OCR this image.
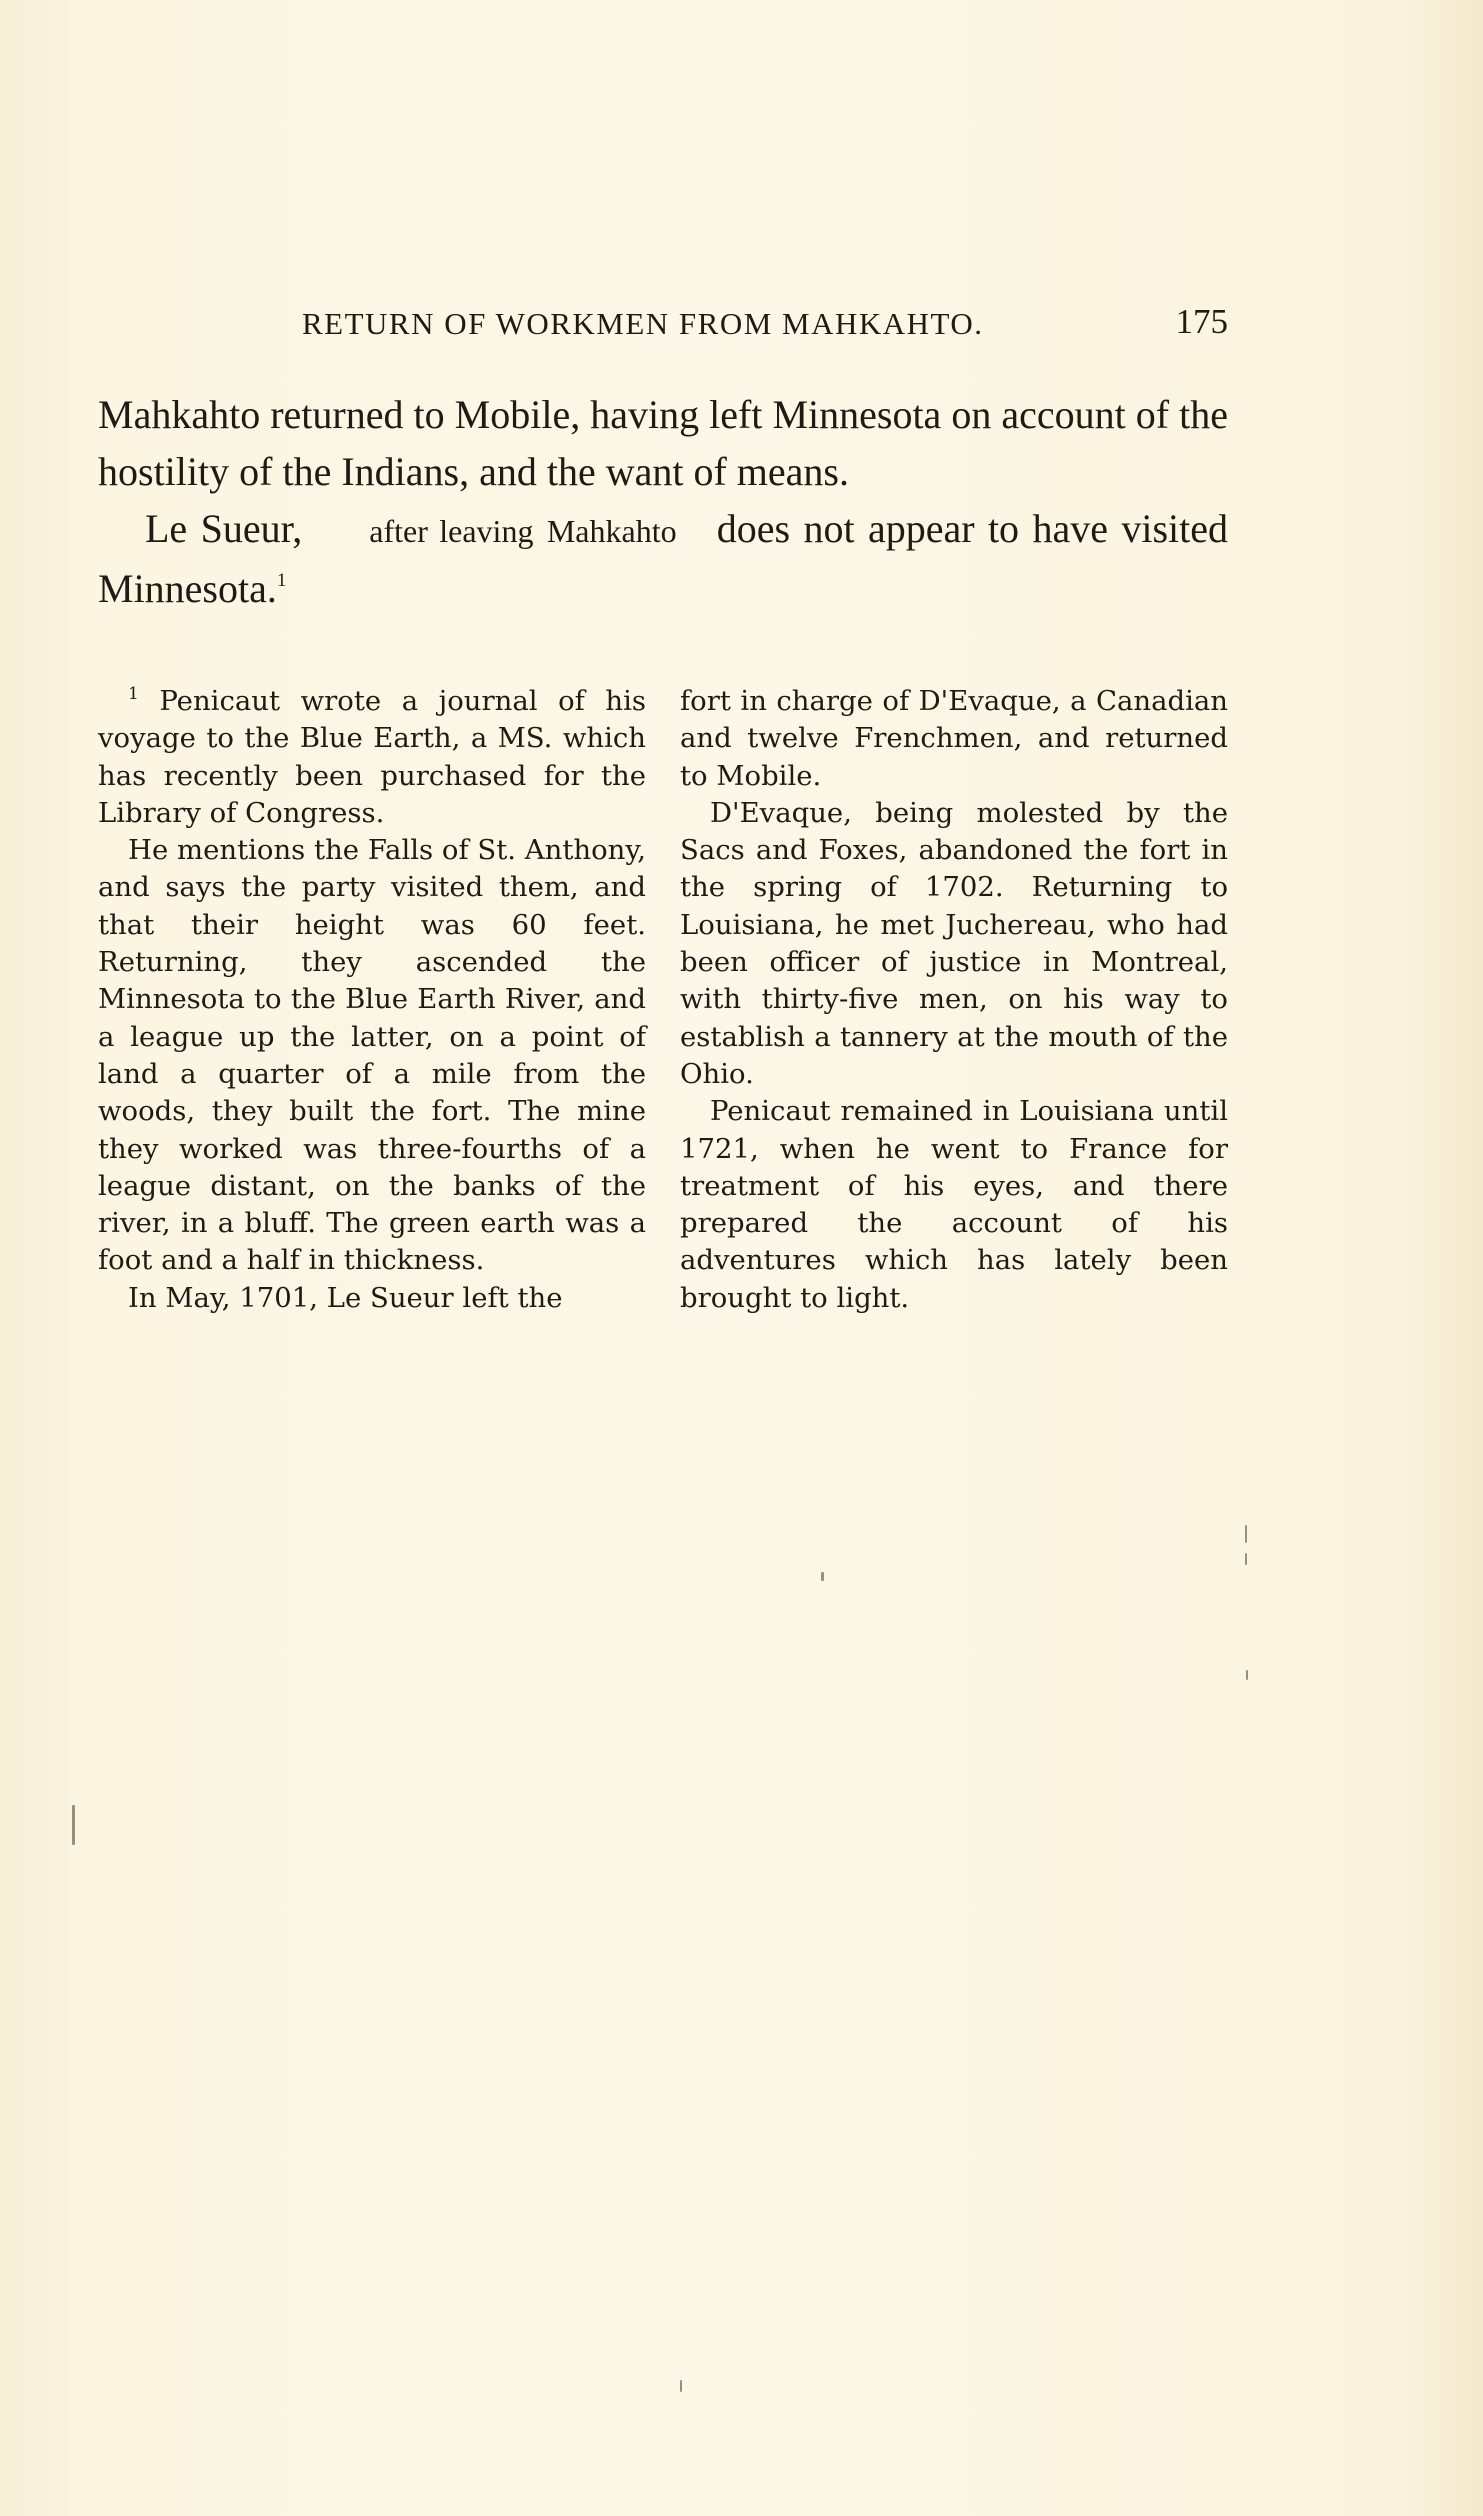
RETURN OF WORKMEN FROM MAHKAHTO.	175

Mahkahto returned to Mobile, having left Minnesota on account of the hostility of the Indians, and the want of means.

Le Sueur, after leaving Mahkahto does not appear to have visited Minnesota.$^1$

$^1$ Penicaut wrote a journal of his voyage to the Blue Earth, a MS. which has recently been purchased for the Library of Congress.

He mentions the Falls of St. Anthony, and says the party visited them, and that their height was 60 feet. Returning, they ascended the Minnesota to the Blue Earth River, and a league up the latter, on a point of land a quarter of a mile from the woods, they built the fort. The mine they worked was three-fourths of a league distant, on the banks of the river, in a bluff. The green earth was a foot and a half in thickness.

In May, 1701, Le Sueur left the

fort in charge of D'Evaque, a Canadian and twelve Frenchmen, and returned to Mobile.

D'Evaque, being molested by the Sacs and Foxes, abandoned the fort in the spring of 1702. Returning to Louisiana, he met Juchereau, who had been officer of justice in Montreal, with thirty-five men, on his way to establish a tannery at the mouth of the Ohio.

Penicaut remained in Louisiana until 1721, when he went to France for treatment of his eyes, and there prepared the account of his adventures which has lately been brought to light.
